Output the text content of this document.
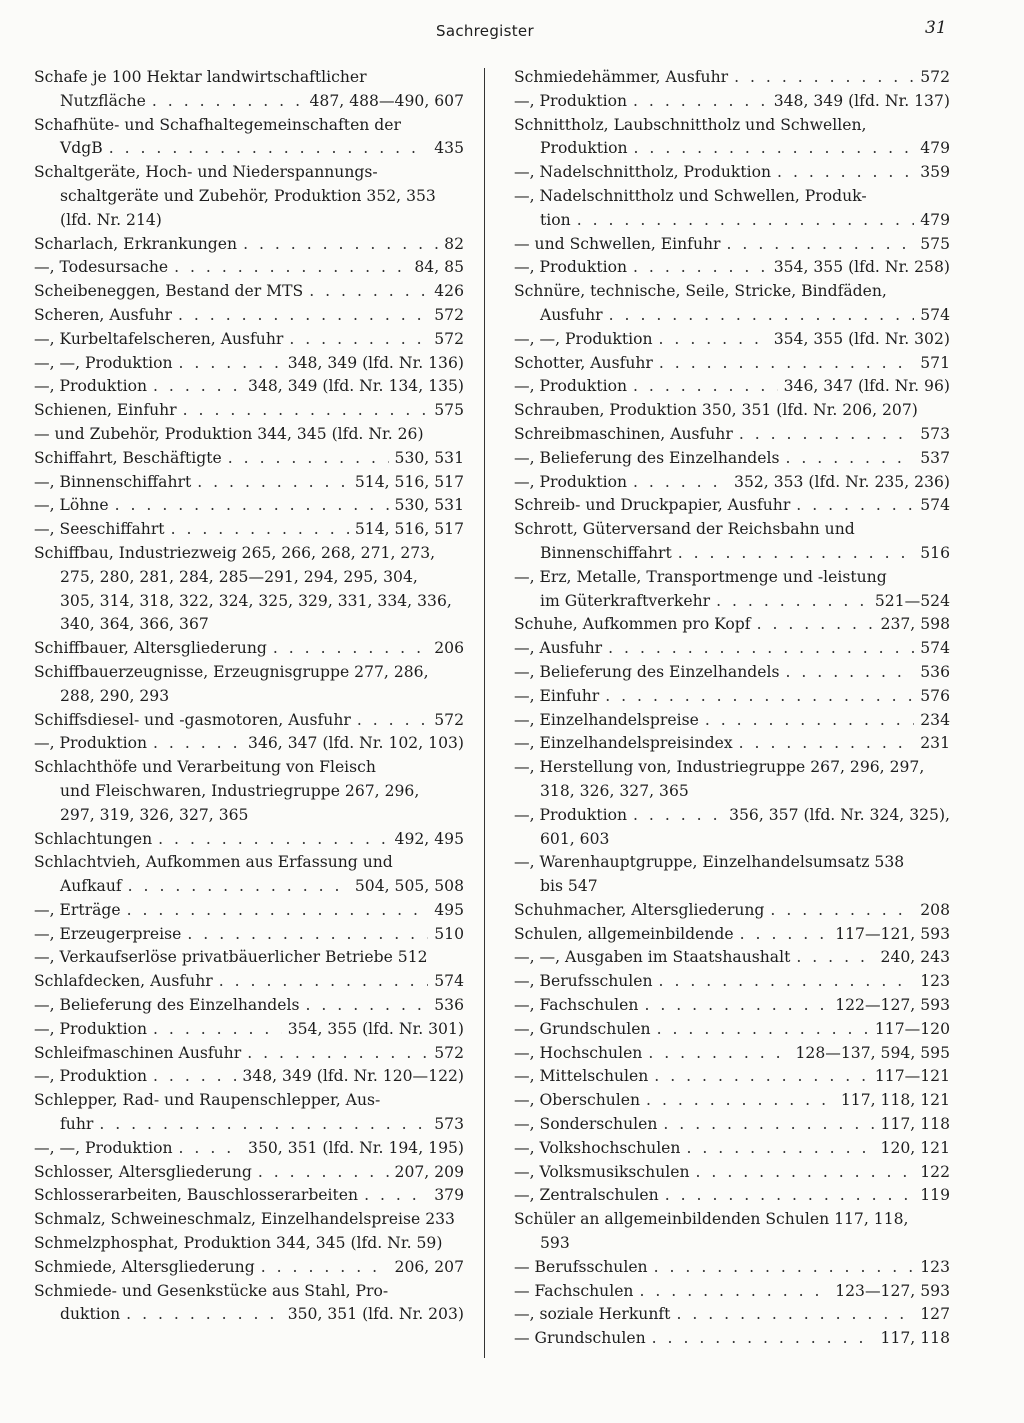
Sachregister	31
Schafe je 100 Hektar landwirtschaftlicher
Nutzfläche . . .	487, 488—490, 607
Schafhüte- und Schafhaltegemeinschaften der
VdgB . . .	435
Schaltgeräte, Hoch- und Niederspannungs-
schaltgeräte und Zubehör, Produktion 352, 353
(lfd. Nr. 214)
Scharlach, Erkrankungen . . .	82
—, Todesursache . . .	84, 85
Scheibeneggen, Bestand der MTS . . .	426
Scheren, Ausfuhr . . .	572
—, Kurbeltafelscheren, Ausfuhr . . .	572
—, —, Produktion . . .	348, 349 (lfd. Nr. 136)
—, Produktion . . .	348, 349 (lfd. Nr. 134, 135)
Schienen, Einfuhr . . .	575
— und Zubehör, Produktion 344, 345 (lfd. Nr. 26)
Schiffahrt, Beschäftigte . . .	530, 531
—, Binnenschiffahrt . . .	514, 516, 517
—, Löhne . . .	530, 531
—, Seeschiffahrt . . .	514, 516, 517
Schiffbau, Industriezweig 265, 266, 268, 271, 273,
275, 280, 281, 284, 285—291, 294, 295, 304,
305, 314, 318, 322, 324, 325, 329, 331, 334, 336,
340, 364, 366, 367
Schiffbauer, Altersgliederung . . .	206
Schiffbauerzeugnisse, Erzeugnisgruppe 277, 286,
288, 290, 293
Schiffsdiesel- und -gasmotoren, Ausfuhr . . .	572
—, Produktion . . .	346, 347 (lfd. Nr. 102, 103)
Schlachthöfe und Verarbeitung von Fleisch
und Fleischwaren, Industriegruppe 267, 296,
297, 319, 326, 327, 365
Schlachtungen . . .	492, 495
Schlachtvieh, Aufkommen aus Erfassung und
Aufkauf . . .	504, 505, 508
—, Erträge . . .	495
—, Erzeugerpreise . . .	510
—, Verkaufserlöse privatbäuerlicher Betriebe 512
Schlafdecken, Ausfuhr . . .	574
—, Belieferung des Einzelhandels . . .	536
—, Produktion . . .	354, 355 (lfd. Nr. 301)
Schleifmaschinen Ausfuhr . . .	572
—, Produktion . . .	348, 349 (lfd. Nr. 120—122)
Schlepper, Rad- und Raupenschlepper, Aus-
fuhr . . .	573
—, —, Produktion . . .	350, 351 (lfd. Nr. 194, 195)
Schlosser, Altersgliederung . . .	207, 209
Schlosserarbeiten, Bauschlosserarbeiten . . .	379
Schmalz, Schweineschmalz, Einzelhandelspreise 233
Schmelzphosphat, Produktion 344, 345 (lfd. Nr. 59)
Schmiede, Altersgliederung . . .	206, 207
Schmiede- und Gesenkstücke aus Stahl, Pro-
duktion . . .	350, 351 (lfd. Nr. 203)
Schmiedehämmer, Ausfuhr . . .	572
—, Produktion . . .	348, 349 (lfd. Nr. 137)
Schnittholz, Laubschnittholz und Schwellen,
Produktion . . .	479
—, Nadelschnittholz, Produktion . . .	359
—, Nadelschnittholz und Schwellen, Produk-
tion . . .	479
— und Schwellen, Einfuhr . . .	575
—, Produktion . . .	354, 355 (lfd. Nr. 258)
Schnüre, technische, Seile, Stricke, Bindfäden,
Ausfuhr . . .	574
—, —, Produktion . . .	354, 355 (lfd. Nr. 302)
Schotter, Ausfuhr . . .	571
—, Produktion . . .	346, 347 (lfd. Nr. 96)
Schrauben, Produktion 350, 351 (lfd. Nr. 206, 207)
Schreibmaschinen, Ausfuhr . . .	573
—, Belieferung des Einzelhandels . . .	537
—, Produktion . . .	352, 353 (lfd. Nr. 235, 236)
Schreib- und Druckpapier, Ausfuhr . . .	574
Schrott, Güterversand der Reichsbahn und
Binnenschiffahrt . . .	516
—, Erz, Metalle, Transportmenge und -leistung
im Güterkraftverkehr . . .	521—524
Schuhe, Aufkommen pro Kopf . . .	237, 598
—, Ausfuhr . . .	574
—, Belieferung des Einzelhandels . . .	536
—, Einfuhr . . .	576
—, Einzelhandelspreise . . .	234
—, Einzelhandelspreisindex . . .	231
—, Herstellung von, Industriegruppe 267, 296, 297,
318, 326, 327, 365
—, Produktion . . .	356, 357 (lfd. Nr. 324, 325),
601, 603
—, Warenhauptgruppe, Einzelhandelsumsatz 538
bis 547
Schuhmacher, Altersgliederung . . .	208
Schulen, allgemeinbildende . . .	117—121, 593
—, —, Ausgaben im Staatshaushalt . . .	240, 243
—, Berufsschulen . . .	123
—, Fachschulen . . .	122—127, 593
—, Grundschulen . . .	117—120
—, Hochschulen . . .	128—137, 594, 595
—, Mittelschulen . . .	117—121
—, Oberschulen . . .	117, 118, 121
—, Sonderschulen . . .	117, 118
—, Volkshochschulen . . .	120, 121
—, Volksmusikschulen . . .	122
—, Zentralschulen . . .	119
Schüler an allgemeinbildenden Schulen 117, 118,
593
— Berufsschulen . . .	123
— Fachschulen . . .	123—127, 593
—, soziale Herkunft . . .	127
— Grundschulen . . .	117, 118
